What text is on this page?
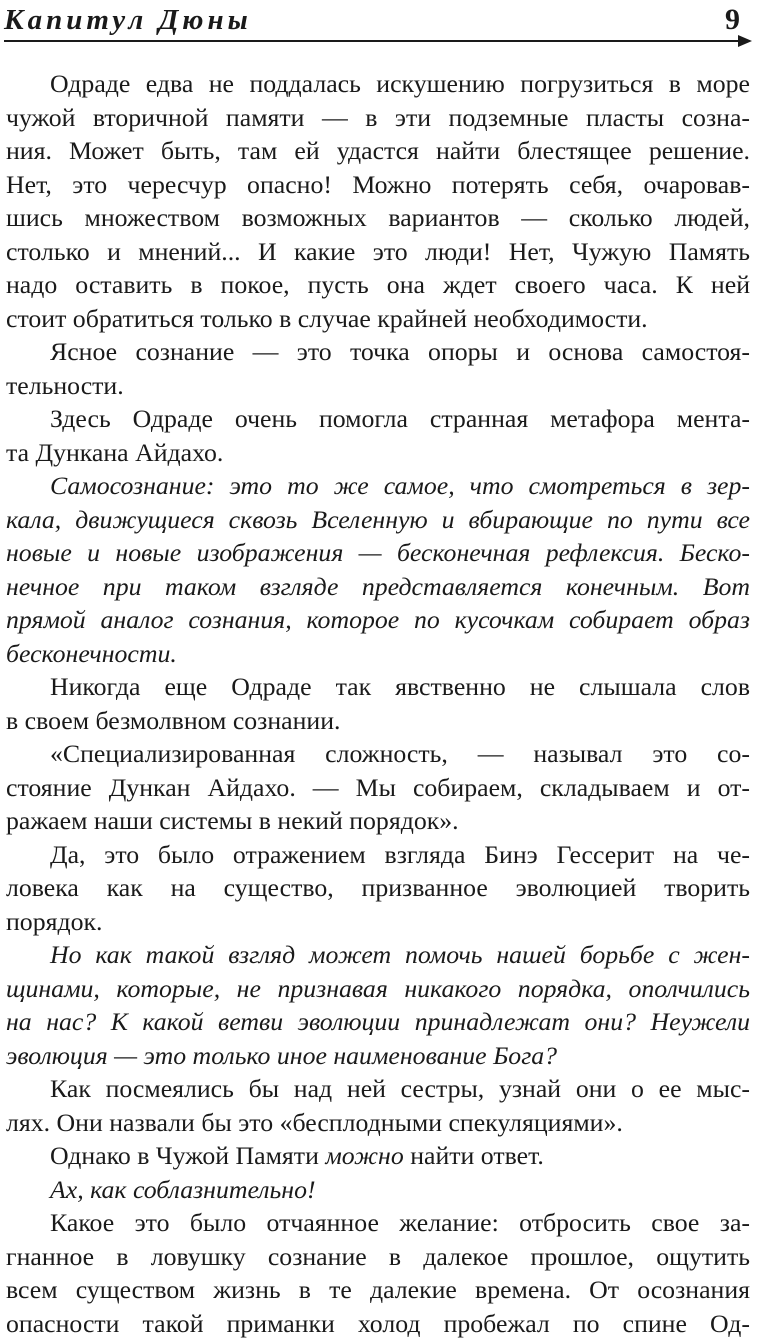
Капитул Дюны	9
Одраде едва не поддалась искушению погрузиться в море
чужой вторичной памяти — в эти подземные пласты созна-
ния. Может быть, там ей удастся найти блестящее решение.
Нет, это чересчур опасно! Можно потерять себя, очаровав-
шись множеством возможных вариантов — сколько людей,
столько и мнений... И какие это люди! Нет, Чужую Память
надо оставить в покое, пусть она ждет своего часа. К ней
стоит обратиться только в случае крайней необходимости.
Ясное сознание — это точка опоры и основа самостоя-
тельности.
Здесь Одраде очень помогла странная метафора мента-
та Дункана Айдахо.
Самосознание: это то же самое, что смотреться в зер-
кала, движущиеся сквозь Вселенную и вбирающие по пути все
новые и новые изображения — бесконечная рефлексия. Беско-
нечное при таком взгляде представляется конечным. Вот
прямой аналог сознания, которое по кусочкам собирает образ
бесконечности.
Никогда еще Одраде так явственно не слышала слов
в своем безмолвном сознании.
«Специализированная сложность, — называл это со-
стояние Дункан Айдахо. — Мы собираем, складываем и от-
ражаем наши системы в некий порядок».
Да, это было отражением взгляда Бинэ Гессерит на че-
ловека как на существо, призванное эволюцией творить
порядок.
Но как такой взгляд может помочь нашей борьбе с жен-
щинами, которые, не признавая никакого порядка, ополчились
на нас? К какой ветви эволюции принадлежат они? Неужели
эволюция — это только иное наименование Бога?
Как посмеялись бы над ней сестры, узнай они о ее мыс-
лях. Они назвали бы это «бесплодными спекуляциями».
Однако в Чужой Памяти можно найти ответ.
Ах, как соблазнительно!
Какое это было отчаянное желание: отбросить свое за-
гнанное в ловушку сознание в далекое прошлое, ощутить
всем существом жизнь в те далекие времена. От осознания
опасности такой приманки холод пробежал по спине Од-
